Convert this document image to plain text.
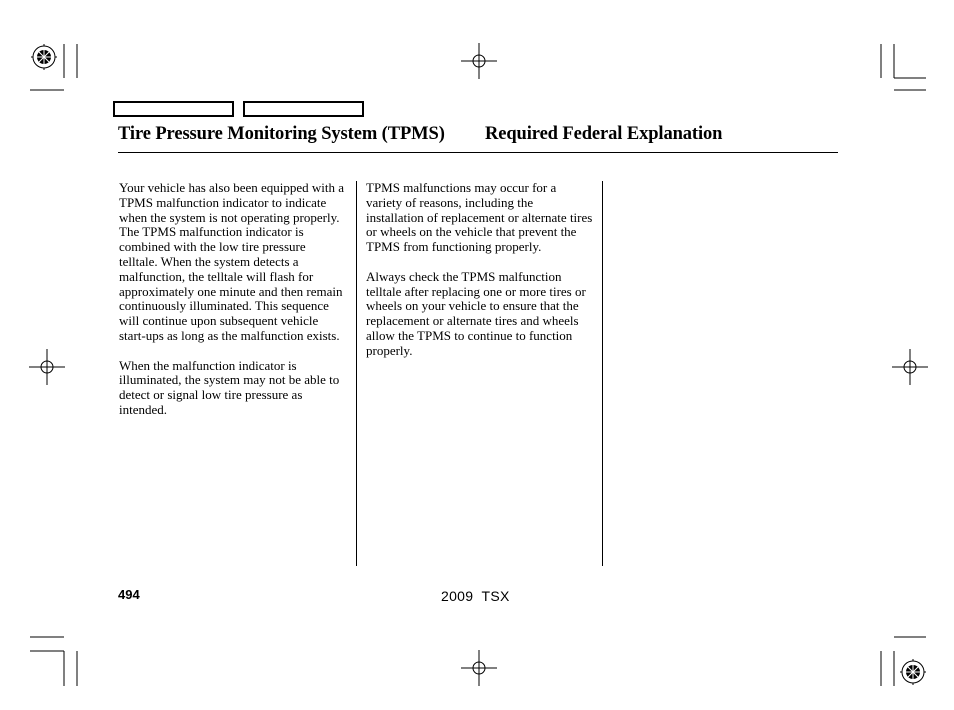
Tire Pressure Monitoring System (TPMS) Required Federal Explanation

Your vehicle has also been equipped with a TPMS malfunction indicator to indicate when the system is not operating properly. The TPMS malfunction indicator is combined with the low tire pressure telltale. When the system detects a malfunction, the telltale will flash for approximately one minute and then remain continuously illuminated. This sequence will continue upon subsequent vehicle start-ups as long as the malfunction exists.

When the malfunction indicator is illuminated, the system may not be able to detect or signal low tire pressure as intended.

TPMS malfunctions may occur for a variety of reasons, including the installation of replacement or alternate tires or wheels on the vehicle that prevent the TPMS from functioning properly.

Always check the TPMS malfunction telltale after replacing one or more tires or wheels on your vehicle to ensure that the replacement or alternate tires and wheels allow the TPMS to continue to function properly.

494	2009  TSX
